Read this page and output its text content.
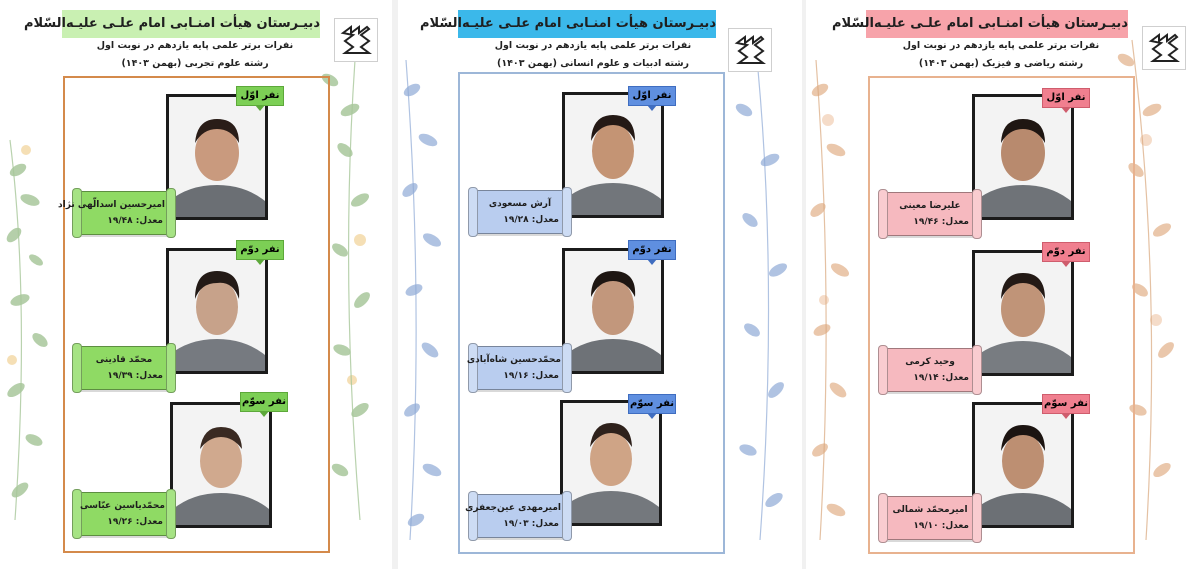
دبیـرستان هیأت امنـابی امام علـی علیـه‌السّلام
نفرات برتر علمی پایه یازدهم در نوبت اول
رشته علوم تجربی (بهمن ۱۴۰۳)
نفر اوّل
امیرحسین اسدالّهی نژاد
معدل: ۱۹/۴۸
نفر دوّم
محمّد قادینی
معدل: ۱۹/۳۹
نفر سوّم
محمّدیاسین عبّاسی
معدل: ۱۹/۲۶
دبیـرستان هیأت امنـابی امام علـی علیـه‌السّلام
نفرات برتر علمی پایه یازدهم در نوبت اول
رشته ادبیات و علوم انسانی (بهمن ۱۴۰۳)
نفر اوّل
آرش مسعودی
معدل: ۱۹/۲۸
نفر دوّم
محمّدحسین شاه‌آبادی
معدل: ۱۹/۱۶
نفر سوّم
امیرمهدی عین‌جعفری
معدل: ۱۹/۰۳
دبیـرستان هیأت امنـابی امام علـی علیـه‌السّلام
نفرات برتر علمی پایه یازدهم در نوبت اول
رشته ریاضی و فیزیک (بهمن ۱۴۰۳)
نفر اوّل
علیرضا معینی
معدل: ۱۹/۴۶
نفر دوّم
وحید کرمی
معدل: ۱۹/۱۴
نفر سوّم
امیرمحمّد شمالی
معدل: ۱۹/۱۰
